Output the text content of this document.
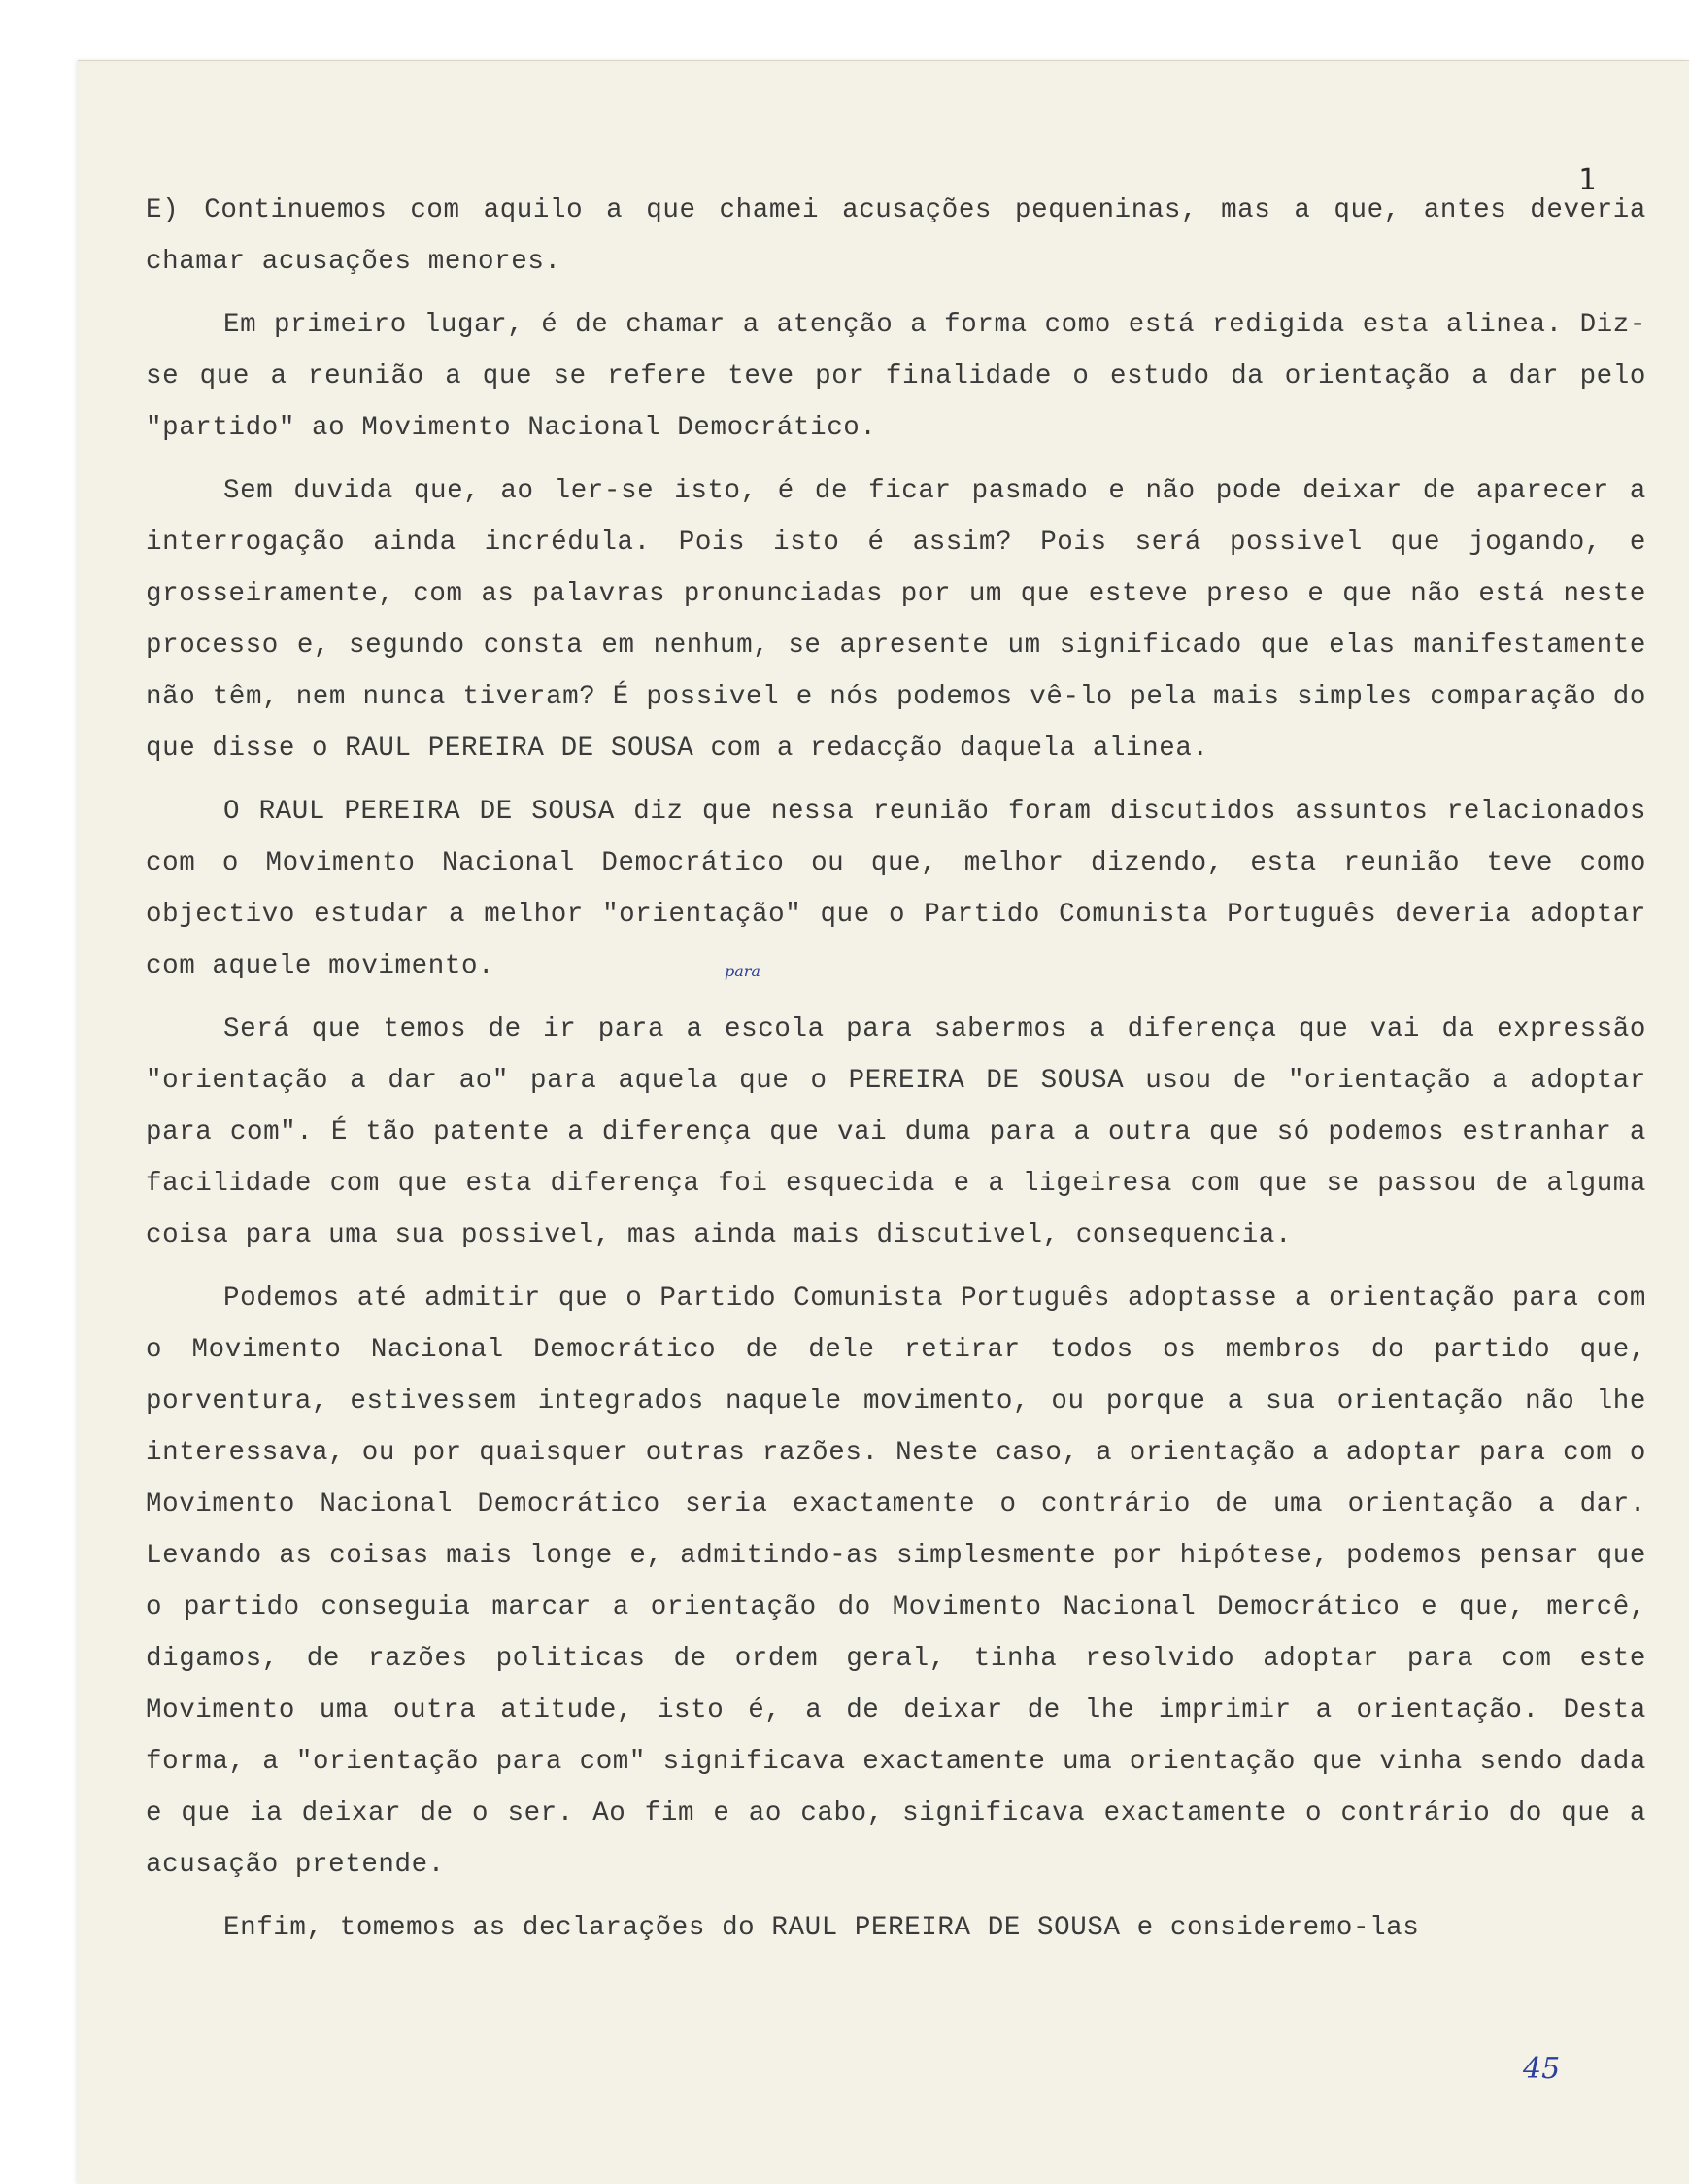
1
para

E) Continuemos com aquilo a que chamei acusações pequeninas, mas a que, antes deveria chamar acusações menores.

Em primeiro lugar, é de chamar a atenção a forma como está redigida esta alinea. Diz-se que a reunião a que se refere teve por finalidade o estudo da orientação a dar pelo "partido" ao Movimento Nacional Democrático.

Sem duvida que, ao ler-se isto, é de ficar pasmado e não pode deixar de aparecer a interrogação ainda incrédula. Pois isto é assim? Pois será possivel que jogando, e grosseiramente, com as palavras pronunciadas por um que esteve preso e que não está neste processo e, segundo consta em nenhum, se apresente um significado que elas manifestamente não têm, nem nunca tiveram? É possivel e nós podemos vê-lo pela mais simples comparação do que disse o RAUL PEREIRA DE SOUSA com a redacção daquela alinea.

O RAUL PEREIRA DE SOUSA diz que nessa reunião foram discutidos assuntos relacionados com o Movimento Nacional Democrático ou que, melhor dizendo, esta reunião teve como objectivo estudar a melhor "orientação" que o Partido Comunista Português deveria adoptar com aquele movimento.

Será que temos de ir para a escola para sabermos a diferença que vai da expressão "orientação a dar ao" para aquela que o PEREIRA DE SOUSA usou de "orientação a adoptar para com". É tão patente a diferença que vai duma para a outra que só podemos estranhar a facilidade com que esta diferença foi esquecida e a ligeiresa com que se passou de alguma coisa para uma sua possivel, mas ainda mais discutivel, consequencia.

Podemos até admitir que o Partido Comunista Português adoptasse a orientação para com o Movimento Nacional Democrático de dele retirar todos os membros do partido que, porventura, estivessem integrados naquele movimento, ou porque a sua orientação não lhe interessava, ou por quaisquer outras razões. Neste caso, a orientação a adoptar para com o Movimento Nacional Democrático seria exactamente o contrário de uma orientação a dar. Levando as coisas mais longe e, admitindo-as simplesmente por hipótese, podemos pensar que o partido conseguia marcar a orientação do Movimento Nacional Democrático e que, mercê, digamos, de razões politicas de ordem geral, tinha resolvido adoptar para com este Movimento uma outra atitude, isto é, a de deixar de lhe imprimir a orientação. Desta forma, a "orientação para com" significava exactamente uma orientação que vinha sendo dada e que ia deixar de o ser. Ao fim e ao cabo, significava exactamente o contrário do que a acusação pretende.

Enfim, tomemos as declarações do RAUL PEREIRA DE SOUSA e consideremo-las

45
